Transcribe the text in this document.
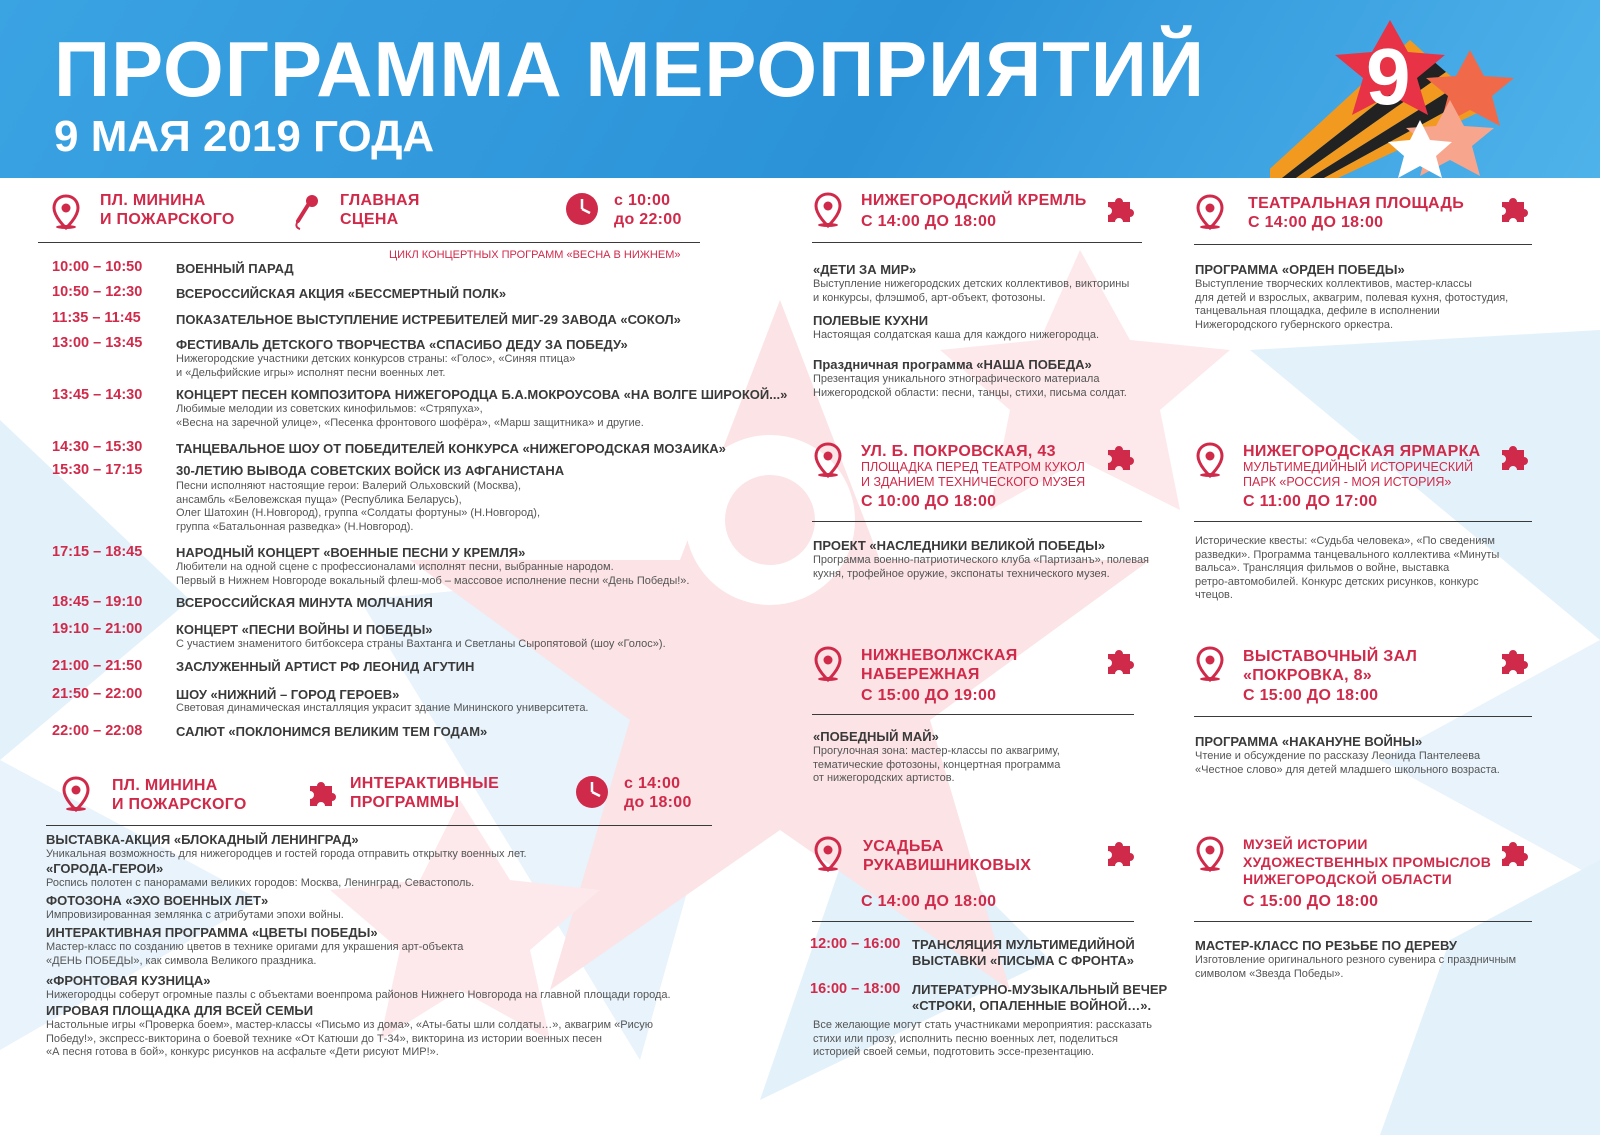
ПРОГРАММА МЕРОПРИЯТИЙ
9 МАЯ 2019 ГОДА
9
ПЛ. МИНИНА
И ПОЖАРСКОГО
ГЛАВНАЯ
СЦЕНА
с 10:00
до 22:00
ЦИКЛ КОНЦЕРТНЫХ ПРОГРАММ «ВЕСНА В НИЖНЕМ»
10:00 – 10:50	ВОЕННЫЙ ПАРАД
10:50 – 12:30	ВСЕРОССИЙСКАЯ АКЦИЯ «БЕССМЕРТНЫЙ ПОЛК»
11:35 – 11:45	ПОКАЗАТЕЛЬНОЕ ВЫСТУПЛЕНИЕ ИСТРЕБИТЕЛЕЙ МИГ-29 ЗАВОДА «СОКОЛ»
13:00 – 13:45	ФЕСТИВАЛЬ ДЕТСКОГО ТВОРЧЕСТВА «СПАСИБО ДЕДУ ЗА ПОБЕДУ»
Нижегородские участники детских конкурсов страны: «Голос», «Синяя птица»
и «Дельфийские игры» исполнят песни военных лет.
13:45 – 14:30	КОНЦЕРТ ПЕСЕН КОМПОЗИТОРА НИЖЕГОРОДЦА Б.А.МОКРОУСОВА «НА ВОЛГЕ ШИРОКОЙ...»
Любимые мелодии из советских кинофильмов: «Стряпуха»,
«Весна на заречной улице», «Песенка фронтового шофёра», «Марш защитника» и другие.
14:30 – 15:30	ТАНЦЕВАЛЬНОЕ ШОУ ОТ ПОБЕДИТЕЛЕЙ КОНКУРСА «НИЖЕГОРОДСКАЯ МОЗАИКА»
15:30 – 17:15	30-ЛЕТИЮ ВЫВОДА СОВЕТСКИХ ВОЙСК ИЗ АФГАНИСТАНА
Песни исполняют настоящие герои: Валерий Ольховский (Москва),
ансамбль «Беловежская пуща» (Республика Беларусь),
Олег Шатохин (Н.Новгород), группа «Солдаты фортуны» (Н.Новгород),
группа «Батальонная разведка» (Н.Новгород).
17:15 – 18:45	НАРОДНЫЙ КОНЦЕРТ «ВОЕННЫЕ ПЕСНИ У КРЕМЛЯ»
Любители на одной сцене с профессионалами исполнят песни, выбранные народом.
Первый в Нижнем Новгороде вокальный флеш-моб – массовое исполнение песни «День Победы!».
18:45 – 19:10	ВСЕРОССИЙСКАЯ МИНУТА МОЛЧАНИЯ
19:10 – 21:00	КОНЦЕРТ «ПЕСНИ ВОЙНЫ И ПОБЕДЫ»
С участием знаменитого битбоксера страны Вахтанга и Светланы Сыропятовой (шоу «Голос»).
21:00 – 21:50	ЗАСЛУЖЕННЫЙ АРТИСТ РФ ЛЕОНИД АГУТИН
21:50 – 22:00	ШОУ «НИЖНИЙ – ГОРОД ГЕРОЕВ»
Световая динамическая инсталляция украсит здание Мининского университета.
22:00 – 22:08	САЛЮТ «ПОКЛОНИМСЯ ВЕЛИКИМ ТЕМ ГОДАМ»
ПЛ. МИНИНА
И ПОЖАРСКОГО
ИНТЕРАКТИВНЫЕ
ПРОГРАММЫ
с 14:00
до 18:00
ВЫСТАВКА-АКЦИЯ «БЛОКАДНЫЙ ЛЕНИНГРАД»
Уникальная возможность для нижегородцев и гостей города отправить открытку военных лет.
«ГОРОДА-ГЕРОИ»
Роспись полотен с панорамами великих городов: Москва, Ленинград, Севастополь.
ФОТОЗОНА «ЭХО ВОЕННЫХ ЛЕТ»
Импровизированная землянка с атрибутами эпохи войны.
ИНТЕРАКТИВНАЯ ПРОГРАММА «ЦВЕТЫ ПОБЕДЫ»
Мастер-класс по созданию цветов в технике оригами для украшения арт-объекта
«ДЕНЬ ПОБЕДЫ», как символа Великого праздника.
«ФРОНТОВАЯ КУЗНИЦА»
Нижегородцы соберут огромные пазлы с объектами военпрома районов Нижнего Новгорода на главной площади города.
ИГРОВАЯ ПЛОЩАДКА ДЛЯ ВСЕЙ СЕМЬИ
Настольные игры «Проверка боем», мастер-классы «Письмо из дома», «Аты-баты шли солдаты…», аквагрим «Рисую
Победу!», экспресс-викторина о боевой технике «От Катюши до Т-34», викторина из истории военных песен
«А песня готова в бой», конкурс рисунков на асфальте «Дети рисуют МИР!».
НИЖЕГОРОДСКИЙ КРЕМЛЬ
С 14:00 ДО 18:00
«ДЕТИ ЗА МИР»
Выступление нижегородских детских коллективов, викторины
и конкурсы, флэшмоб, арт-объект, фотозоны.
ПОЛЕВЫЕ КУХНИ
Настоящая солдатская каша для каждого нижегородца.
Праздничная программа «НАША ПОБЕДА»
Презентация уникального этнографического материала
Нижегородской области: песни, танцы, стихи, письма солдат.
ТЕАТРАЛЬНАЯ ПЛОЩАДЬ
С 14:00 ДО 18:00
ПРОГРАММА «ОРДЕН ПОБЕДЫ»
Выступление творческих коллективов, мастер-классы
для детей и взрослых, аквагрим, полевая кухня, фотостудия,
танцевальная площадка, дефиле в исполнении
Нижегородского губернского оркестра.
УЛ. Б. ПОКРОВСКАЯ, 43
ПЛОЩАДКА ПЕРЕД ТЕАТРОМ КУКОЛ
И ЗДАНИЕМ ТЕХНИЧЕСКОГО МУЗЕЯ
С 10:00 ДО 18:00
ПРОЕКТ «НАСЛЕДНИКИ ВЕЛИКОЙ ПОБЕДЫ»
Программа военно-патриотического клуба «Партизанъ», полевая
кухня, трофейное оружие, экспонаты технического музея.
НИЖЕГОРОДСКАЯ ЯРМАРКА
МУЛЬТИМЕДИЙНЫЙ ИСТОРИЧЕСКИЙ
ПАРК «РОССИЯ - МОЯ ИСТОРИЯ»
С 11:00 ДО 17:00
Исторические квесты: «Судьба человека», «По сведениям
разведки». Программа танцевального коллектива «Минуты
вальса». Трансляция фильмов о войне, выставка
ретро-автомобилей. Конкурс детских рисунков, конкурс
чтецов.
НИЖНЕВОЛЖСКАЯ
НАБЕРЕЖНАЯ
С 15:00 ДО 19:00
«ПОБЕДНЫЙ МАЙ»
Прогулочная зона: мастер-классы по аквагриму,
тематические фотозоны, концертная программа
от нижегородских артистов.
ВЫСТАВОЧНЫЙ ЗАЛ
«ПОКРОВКА, 8»
С 15:00 ДО 18:00
ПРОГРАММА «НАКАНУНЕ ВОЙНЫ»
Чтение и обсуждение по рассказу Леонида Пантелеева
«Честное слово» для детей младшего школьного возраста.
УСАДЬБА
РУКАВИШНИКОВЫХ
С 14:00 ДО 18:00
12:00 – 16:00 ТРАНСЛЯЦИЯ МУЛЬТИМЕДИЙНОЙ
ВЫСТАВКИ «ПИСЬМА С ФРОНТА»
16:00 – 18:00 ЛИТЕРАТУРНО-МУЗЫКАЛЬНЫЙ ВЕЧЕР
«СТРОКИ, ОПАЛЕННЫЕ ВОЙНОЙ…».
Все желающие могут стать участниками мероприятия: рассказать
стихи или прозу, исполнить песню военных лет, поделиться
историей своей семьи, подготовить эссе-презентацию.
МУЗЕЙ ИСТОРИИ
ХУДОЖЕСТВЕННЫХ ПРОМЫСЛОВ
НИЖЕГОРОДСКОЙ ОБЛАСТИ
С 15:00 ДО 18:00
МАСТЕР-КЛАСС ПО РЕЗЬБЕ ПО ДЕРЕВУ
Изготовление оригинального резного сувенира с праздничным
символом «Звезда Победы».
